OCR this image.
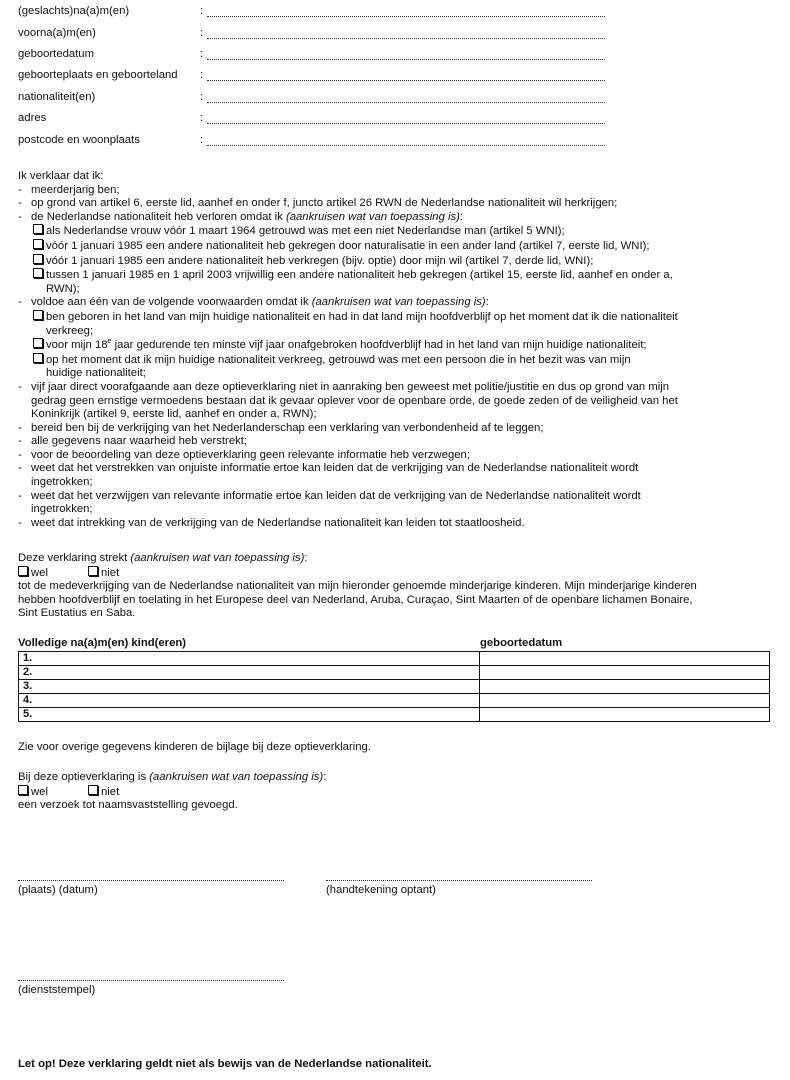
(geslachts)na(a)m(en)	:
voorna(a)m(en)	:
geboortedatum	:
geboorteplaats en geboorteland :
nationaliteit(en)	:
adres	:
postcode en woonplaats	:
Ik verklaar dat ik:
- meerderjarig ben;
- op grond van artikel 6, eerste lid, aanhef en onder f, juncto artikel 26 RWN de Nederlandse nationaliteit wil herkrijgen;
- de Nederlandse nationaliteit heb verloren omdat ik (aankruisen wat van toepassing is):
als Nederlandse vrouw vóór 1 maart 1964 getrouwd was met een niet Nederlandse man (artikel 5 WNI);
vóór 1 januari 1985 een andere nationaliteit heb gekregen door naturalisatie in een ander land (artikel 7, eerste lid, WNI);
vóór 1 januari 1985 een andere nationaliteit heb verkregen (bijv. optie) door mijn wil (artikel 7, derde lid, WNI);
tussen 1 januari 1985 en 1 april 2003 vrijwillig een andere nationaliteit heb gekregen (artikel 15, eerste lid, aanhef en onder a,
RWN);
- voldoe aan één van de volgende voorwaarden omdat ik (aankruisen wat van toepassing is):
ben geboren in het land van mijn huidige nationaliteit en had in dat land mijn hoofdverblijf op het moment dat ik die nationaliteit
verkreeg;
voor mijn 18e jaar gedurende ten minste vijf jaar onafgebroken hoofdverblijf had in het land van mijn huidige nationaliteit;
op het moment dat ik mijn huidige nationaliteit verkreeg, getrouwd was met een persoon die in het bezit was van mijn
huidige nationaliteit;
- vijf jaar direct voorafgaande aan deze optieverklaring niet in aanraking ben geweest met politie/justitie en dus op grond van mijn
gedrag geen ernstige vermoedens bestaan dat ik gevaar oplever voor de openbare orde, de goede zeden of de veiligheid van het
Koninkrijk (artikel 9, eerste lid, aanhef en onder a, RWN);
- bereid ben bij de verkrijging van het Nederlanderschap een verklaring van verbondenheid af te leggen;
- alle gegevens naar waarheid heb verstrekt;
- voor de beoordeling van deze optieverklaring geen relevante informatie heb verzwegen;
- weet dat het verstrekken van onjuiste informatie ertoe kan leiden dat de verkrijging van de Nederlandse nationaliteit wordt
ingetrokken;
- weet dat het verzwijgen van relevante informatie ertoe kan leiden dat de verkrijging van de Nederlandse nationaliteit wordt
ingetrokken;
- weet dat intrekking van de verkrijging van de Nederlandse nationaliteit kan leiden tot staatloosheid.
Deze verklaring strekt (aankruisen wat van toepassing is):
wel	niet
tot de medeverkrijging van de Nederlandse nationaliteit van mijn hieronder genoemde minderjarige kinderen. Mijn minderjarige kinderen
hebben hoofdverblijf en toelating in het Europese deel van Nederland, Aruba, Curaçao, Sint Maarten of de openbare lichamen Bonaire,
Sint Eustatius en Saba.
Volledige na(a)m(en) kind(eren)	geboortedatum
1.	
2.	
3.	
4.	
5.	
Zie voor overige gegevens kinderen de bijlage bij deze optieverklaring.
Bij deze optieverklaring is (aankruisen wat van toepassing is):
wel	niet
een verzoek tot naamsvaststelling gevoegd.
(plaats) (datum)	(handtekening optant)
(dienststempel)
Let op! Deze verklaring geldt niet als bewijs van de Nederlandse nationaliteit.
